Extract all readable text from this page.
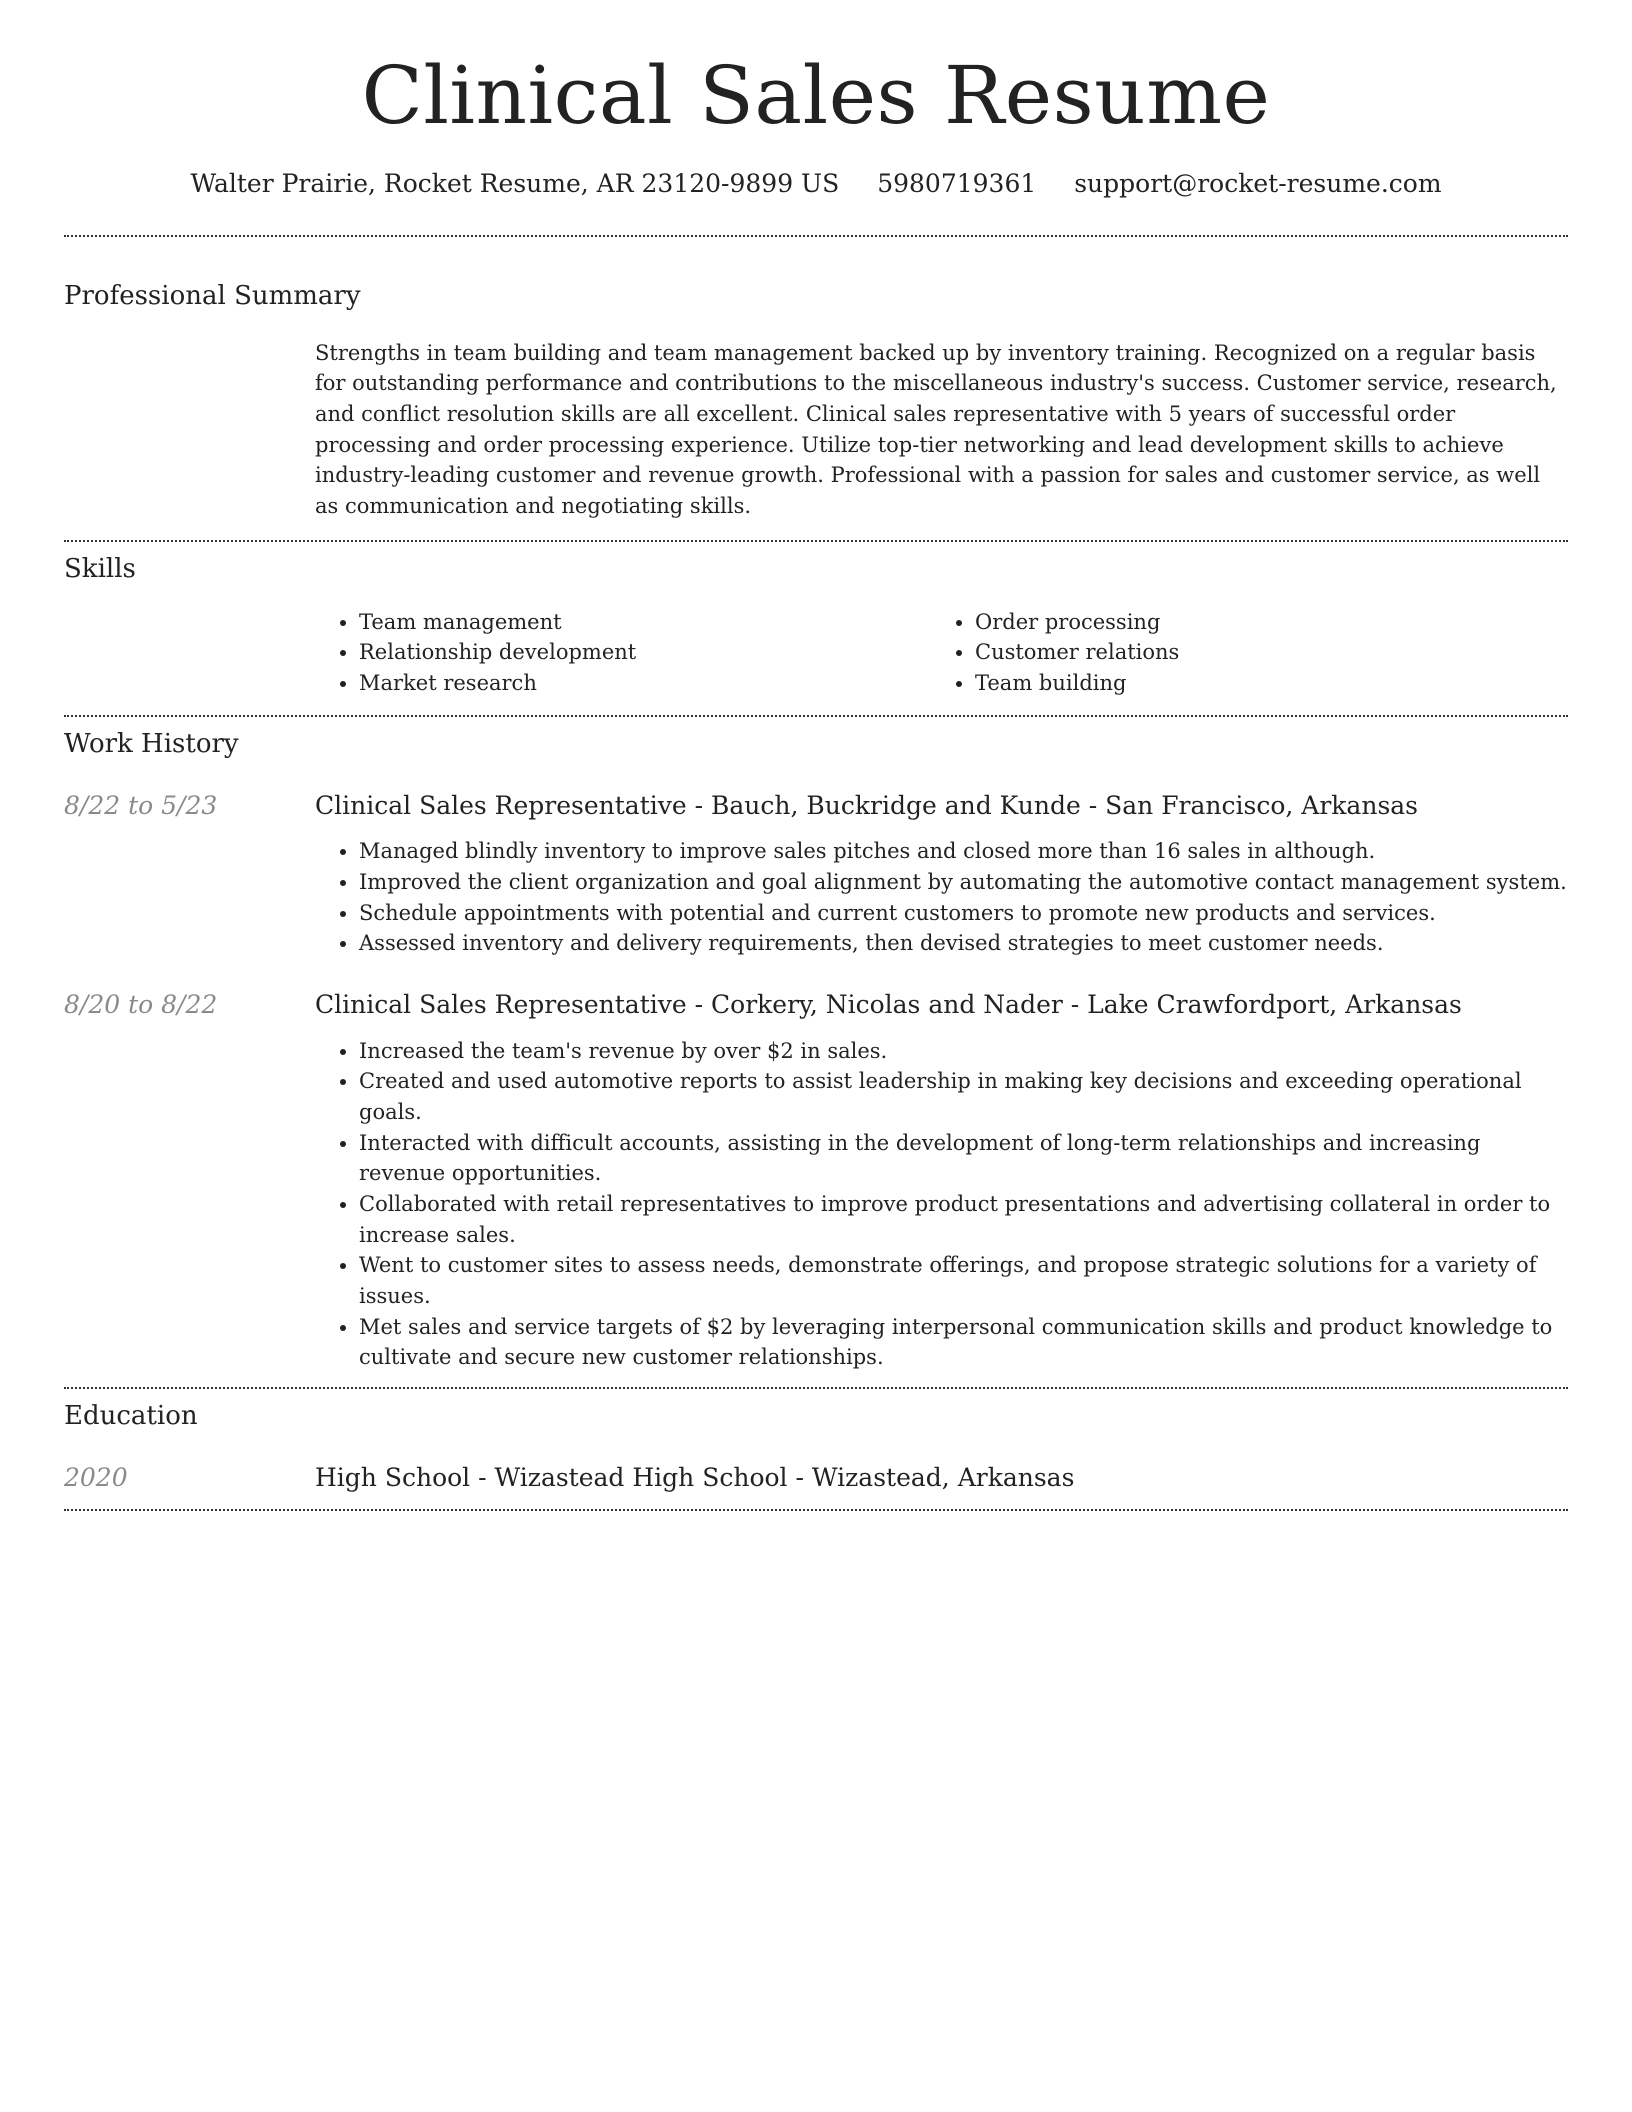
Clinical Sales Resume
Walter Prairie, Rocket Resume, AR 23120-9899 US 5980719361 support@rocket-resume.com
Professional Summary

Strengths in team building and team management backed up by inventory training. Recognized on a regular basis for outstanding performance and contributions to the miscellaneous industry's success. Customer service, research, and conflict resolution skills are all excellent. Clinical sales representative with 5 years of successful order processing and order processing experience. Utilize top-tier networking and lead development skills to achieve industry-leading customer and revenue growth. Professional with a passion for sales and customer service, as well as communication and negotiating skills.

Skills
• Team management
• Relationship development
• Market research
• Order processing
• Customer relations
• Team building
Work History
8/22 to 5/23	Clinical Sales Representative - Bauch, Buckridge and Kunde - San Francisco, Arkansas
• Managed blindly inventory to improve sales pitches and closed more than 16 sales in although.
• Improved the client organization and goal alignment by automating the automotive contact management system.
• Schedule appointments with potential and current customers to promote new products and services.
• Assessed inventory and delivery requirements, then devised strategies to meet customer needs.
8/20 to 8/22	Clinical Sales Representative - Corkery, Nicolas and Nader - Lake Crawfordport, Arkansas
• Increased the team's revenue by over $2 in sales.
• Created and used automotive reports to assist leadership in making key decisions and exceeding operational goals.
• Interacted with difficult accounts, assisting in the development of long-term relationships and increasing revenue opportunities.
• Collaborated with retail representatives to improve product presentations and advertising collateral in order to increase sales.
• Went to customer sites to assess needs, demonstrate offerings, and propose strategic solutions for a variety of issues.
• Met sales and service targets of $2 by leveraging interpersonal communication skills and product knowledge to cultivate and secure new customer relationships.
Education
2020	High School - Wizastead High School - Wizastead, Arkansas
